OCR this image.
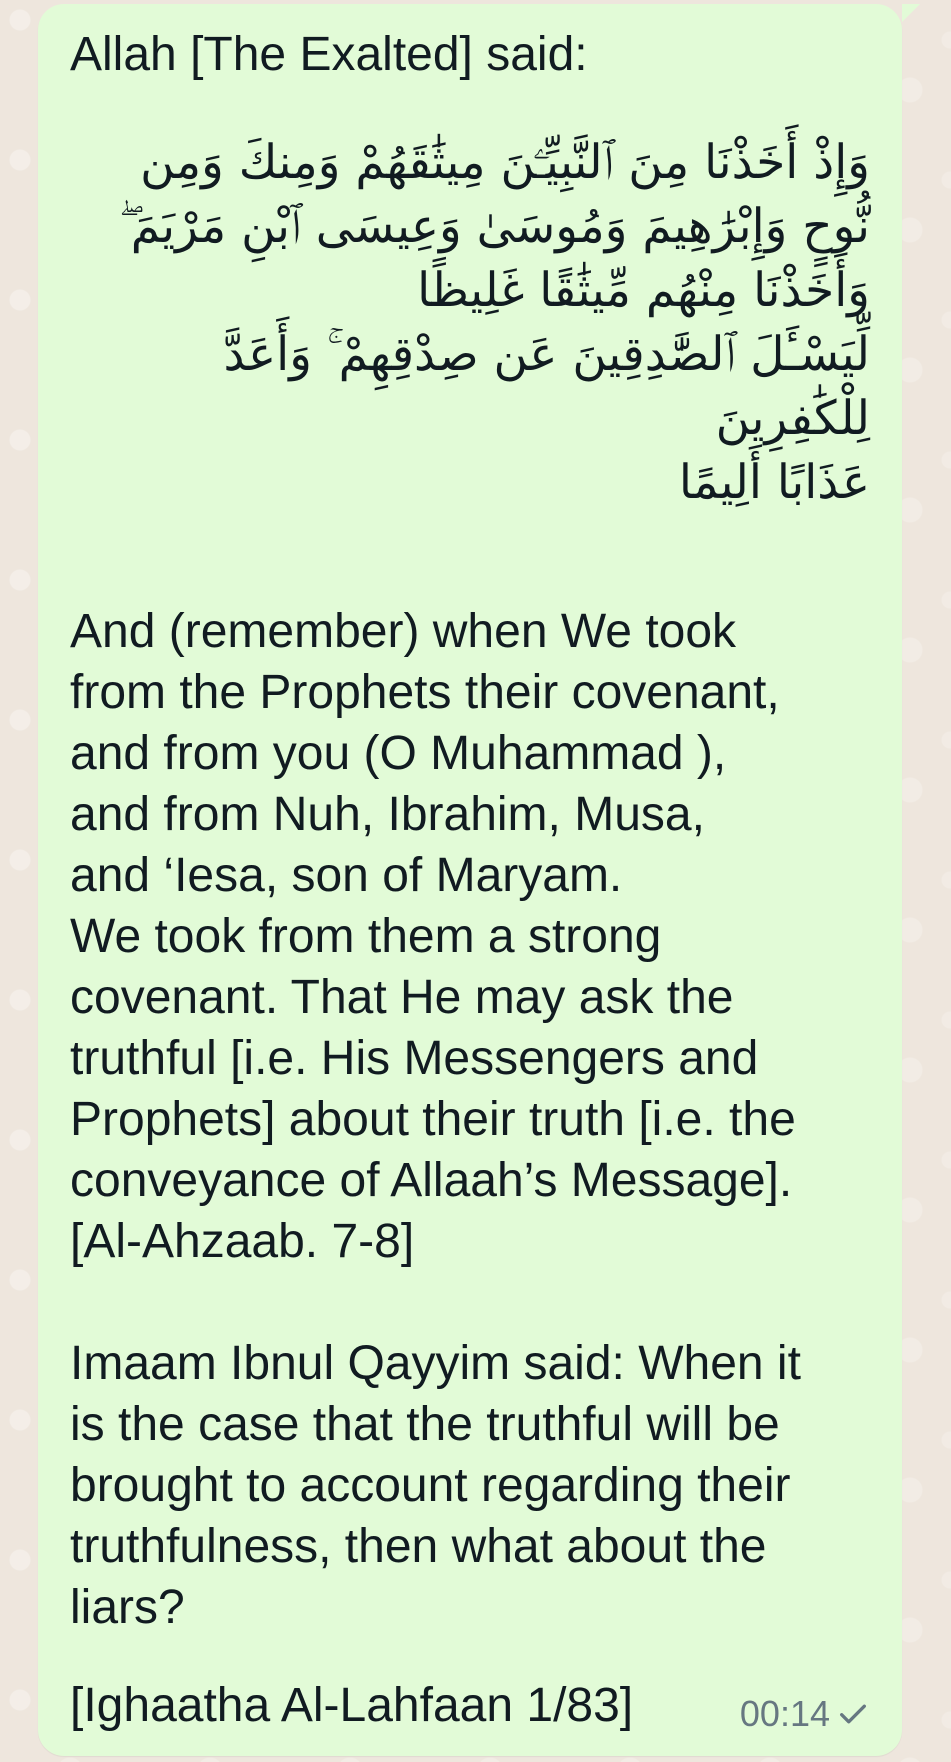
Allah [The Exalted] said:
وَإِذْ أَخَذْنَا مِنَ ٱلنَّبِيِّـۧنَ مِيثَٰقَهُمْ وَمِنكَ وَمِن
نُّوحٍ وَإِبْرَٰهِيمَ وَمُوسَىٰ وَعِيسَى ٱبْنِ مَرْيَمَ ۖ
وَأَخَذْنَا مِنْهُم مِّيثَٰقًا غَلِيظًا
لِّيَسْـَٔلَ ٱلصَّٰدِقِينَ عَن صِدْقِهِمْ ۚ وَأَعَدَّ لِلْكَٰفِرِينَ
عَذَابًا أَلِيمًا
And (remember) when We took
from the Prophets their covenant,
and from you (O Muhammad ),
and from Nuh, Ibrahim, Musa,
and ‘Iesa, son of Maryam.
We took from them a strong
covenant. That He may ask the
truthful [i.e. His Messengers and
Prophets] about their truth [i.e. the
conveyance of Allaah’s Message].
[Al-Ahzaab. 7-8]
Imaam Ibnul Qayyim said: When it
is the case that the truthful will be
brought to account regarding their
truthfulness, then what about the
liars?
[Ighaatha Al-Lahfaan 1/83]	00:14
